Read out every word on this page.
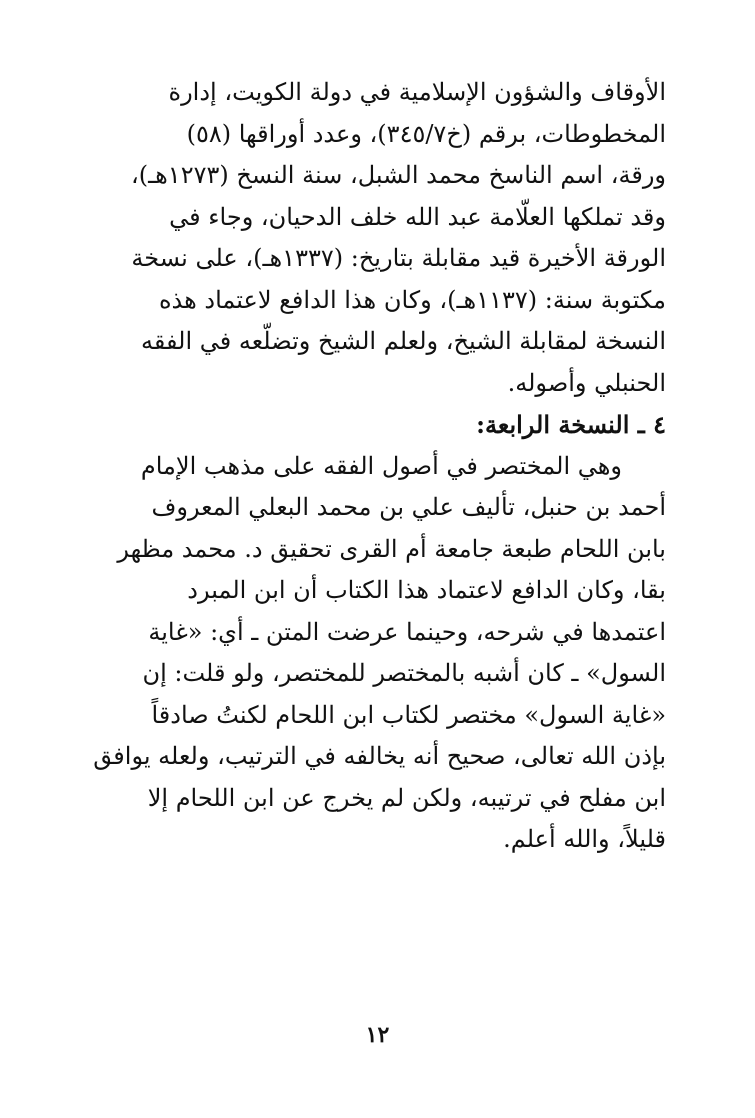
الأوقاف والشؤون الإسلامية في دولة الكويت، إدارة
المخطوطات، برقم (خ٣٤٥/٧)، وعدد أوراقها (٥٨)
ورقة، اسم الناسخ محمد الشبل، سنة النسخ (١٢٧٣هـ)،
وقد تملكها العلّامة عبد الله خلف الدحيان، وجاء في
الورقة الأخيرة قيد مقابلة بتاريخ: (١٣٣٧هـ)، على نسخة
مكتوبة سنة: (١١٣٧هـ)، وكان هذا الدافع لاعتماد هذه
النسخة لمقابلة الشيخ، ولعلم الشيخ وتضلّعه في الفقه
الحنبلي وأصوله.
٤ ـ النسخة الرابعة:
وهي المختصر في أصول الفقه على مذهب الإمام
أحمد بن حنبل، تأليف علي بن محمد البعلي المعروف
بابن اللحام طبعة جامعة أم القرى تحقيق د. محمد مظهر
بقا، وكان الدافع لاعتماد هذا الكتاب أن ابن المبرد
اعتمدها في شرحه، وحينما عرضت المتن ـ أي: «غاية
السول» ـ كان أشبه بالمختصر للمختصر، ولو قلت: إن
«غاية السول» مختصر لكتاب ابن اللحام لكنتُ صادقاً
بإذن الله تعالى، صحيح أنه يخالفه في الترتيب، ولعله يوافق
ابن مفلح في ترتيبه، ولكن لم يخرج عن ابن اللحام إلا
قليلاً، والله أعلم.
١٢
